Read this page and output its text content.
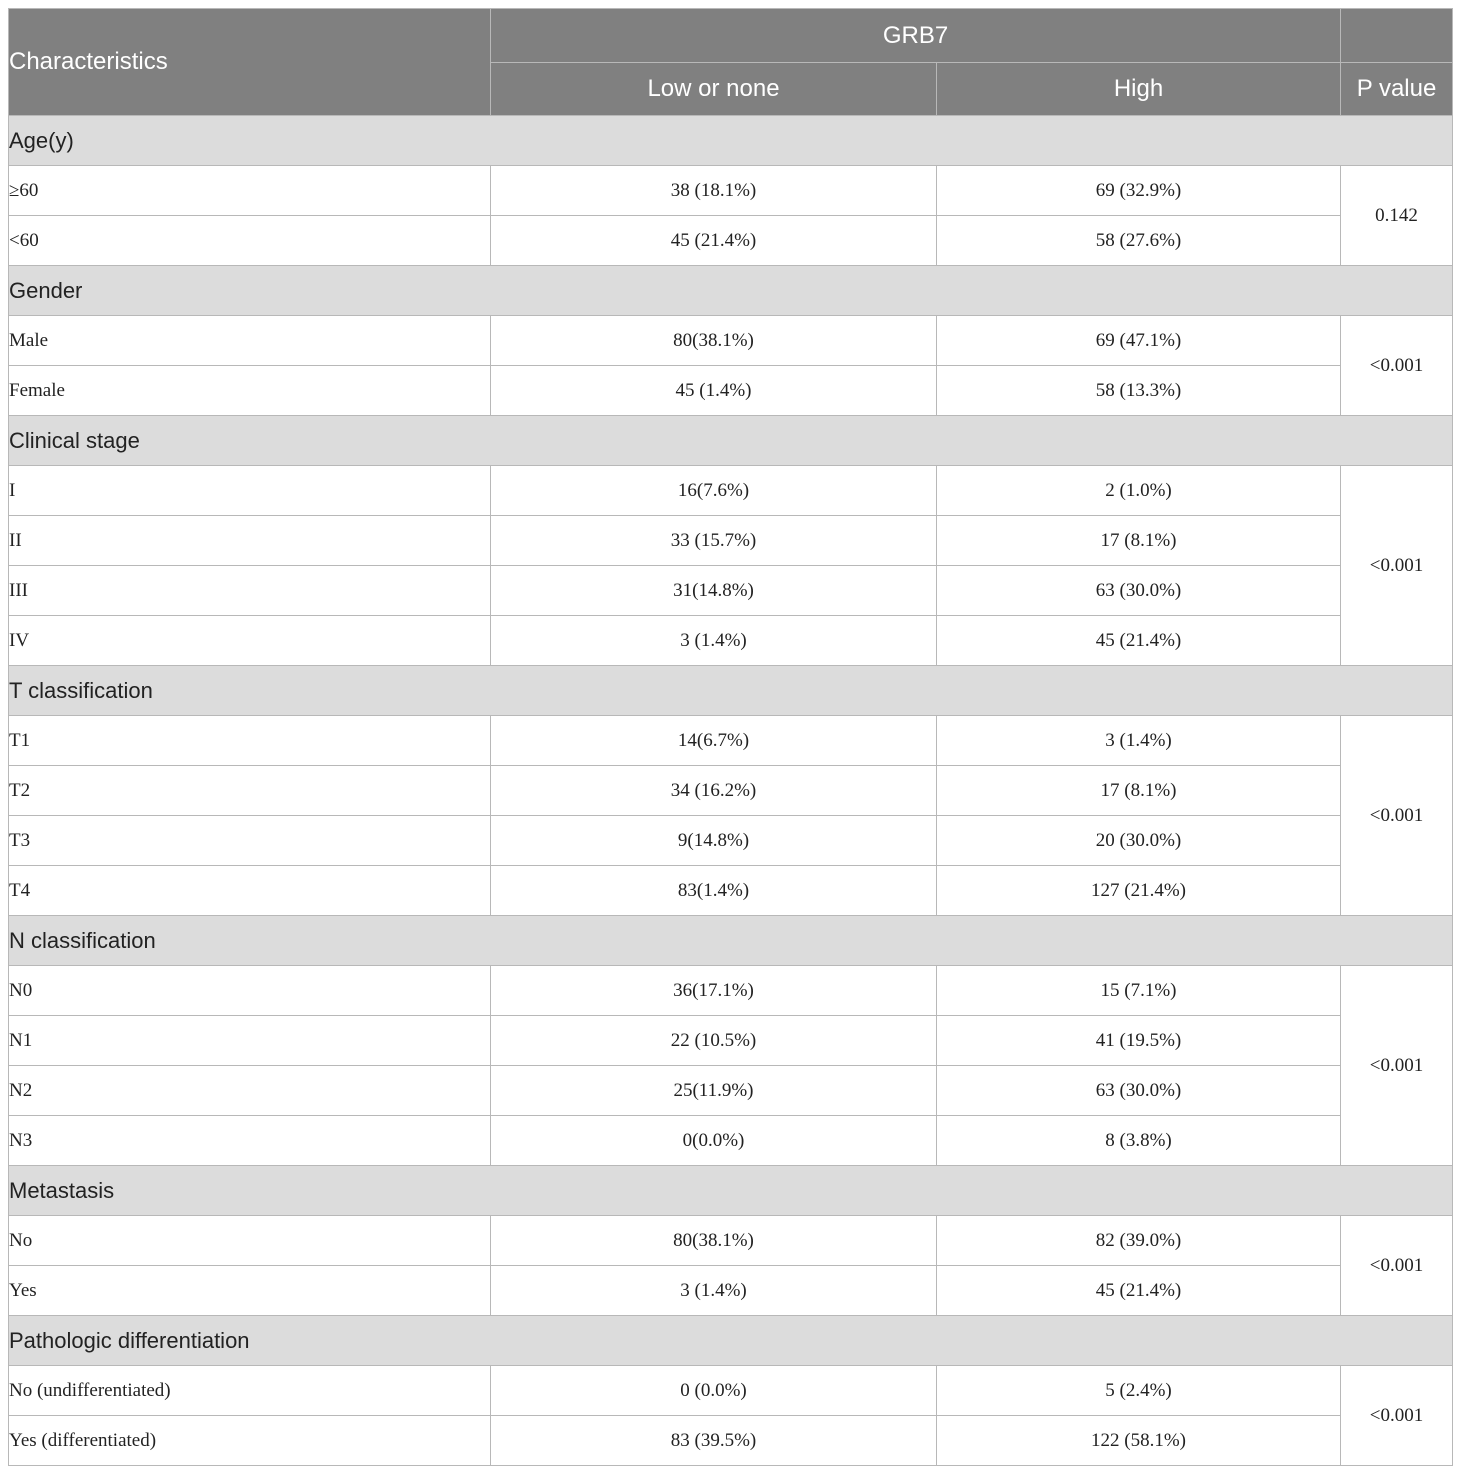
Characteristics	GRB7		
	Low or none	High	P value
Age(y)			
≥60	38 (18.1%)	69 (32.9%)	0.142
<60	45 (21.4%)	58 (27.6%)	
Gender			
Male	80(38.1%)	69 (47.1%)	<0.001
Female	45 (1.4%)	58 (13.3%)	
Clinical stage			
I	16(7.6%)	2 (1.0%)	<0.001
II	33 (15.7%)	17 (8.1%)	
III	31(14.8%)	63 (30.0%)	
IV	3 (1.4%)	45 (21.4%)	
T classification			
T1	14(6.7%)	3 (1.4%)	<0.001
T2	34 (16.2%)	17 (8.1%)	
T3	9(14.8%)	20 (30.0%)	
T4	83(1.4%)	127 (21.4%)	
N classification			
N0	36(17.1%)	15 (7.1%)	<0.001
N1	22 (10.5%)	41 (19.5%)	
N2	25(11.9%)	63 (30.0%)	
N3	0(0.0%)	8 (3.8%)	
Metastasis			
No	80(38.1%)	82 (39.0%)	<0.001
Yes	3 (1.4%)	45 (21.4%)	
Pathologic differentiation			
No (undifferentiated)	0 (0.0%)	5 (2.4%)	<0.001
Yes (differentiated)	83 (39.5%)	122 (58.1%)	
